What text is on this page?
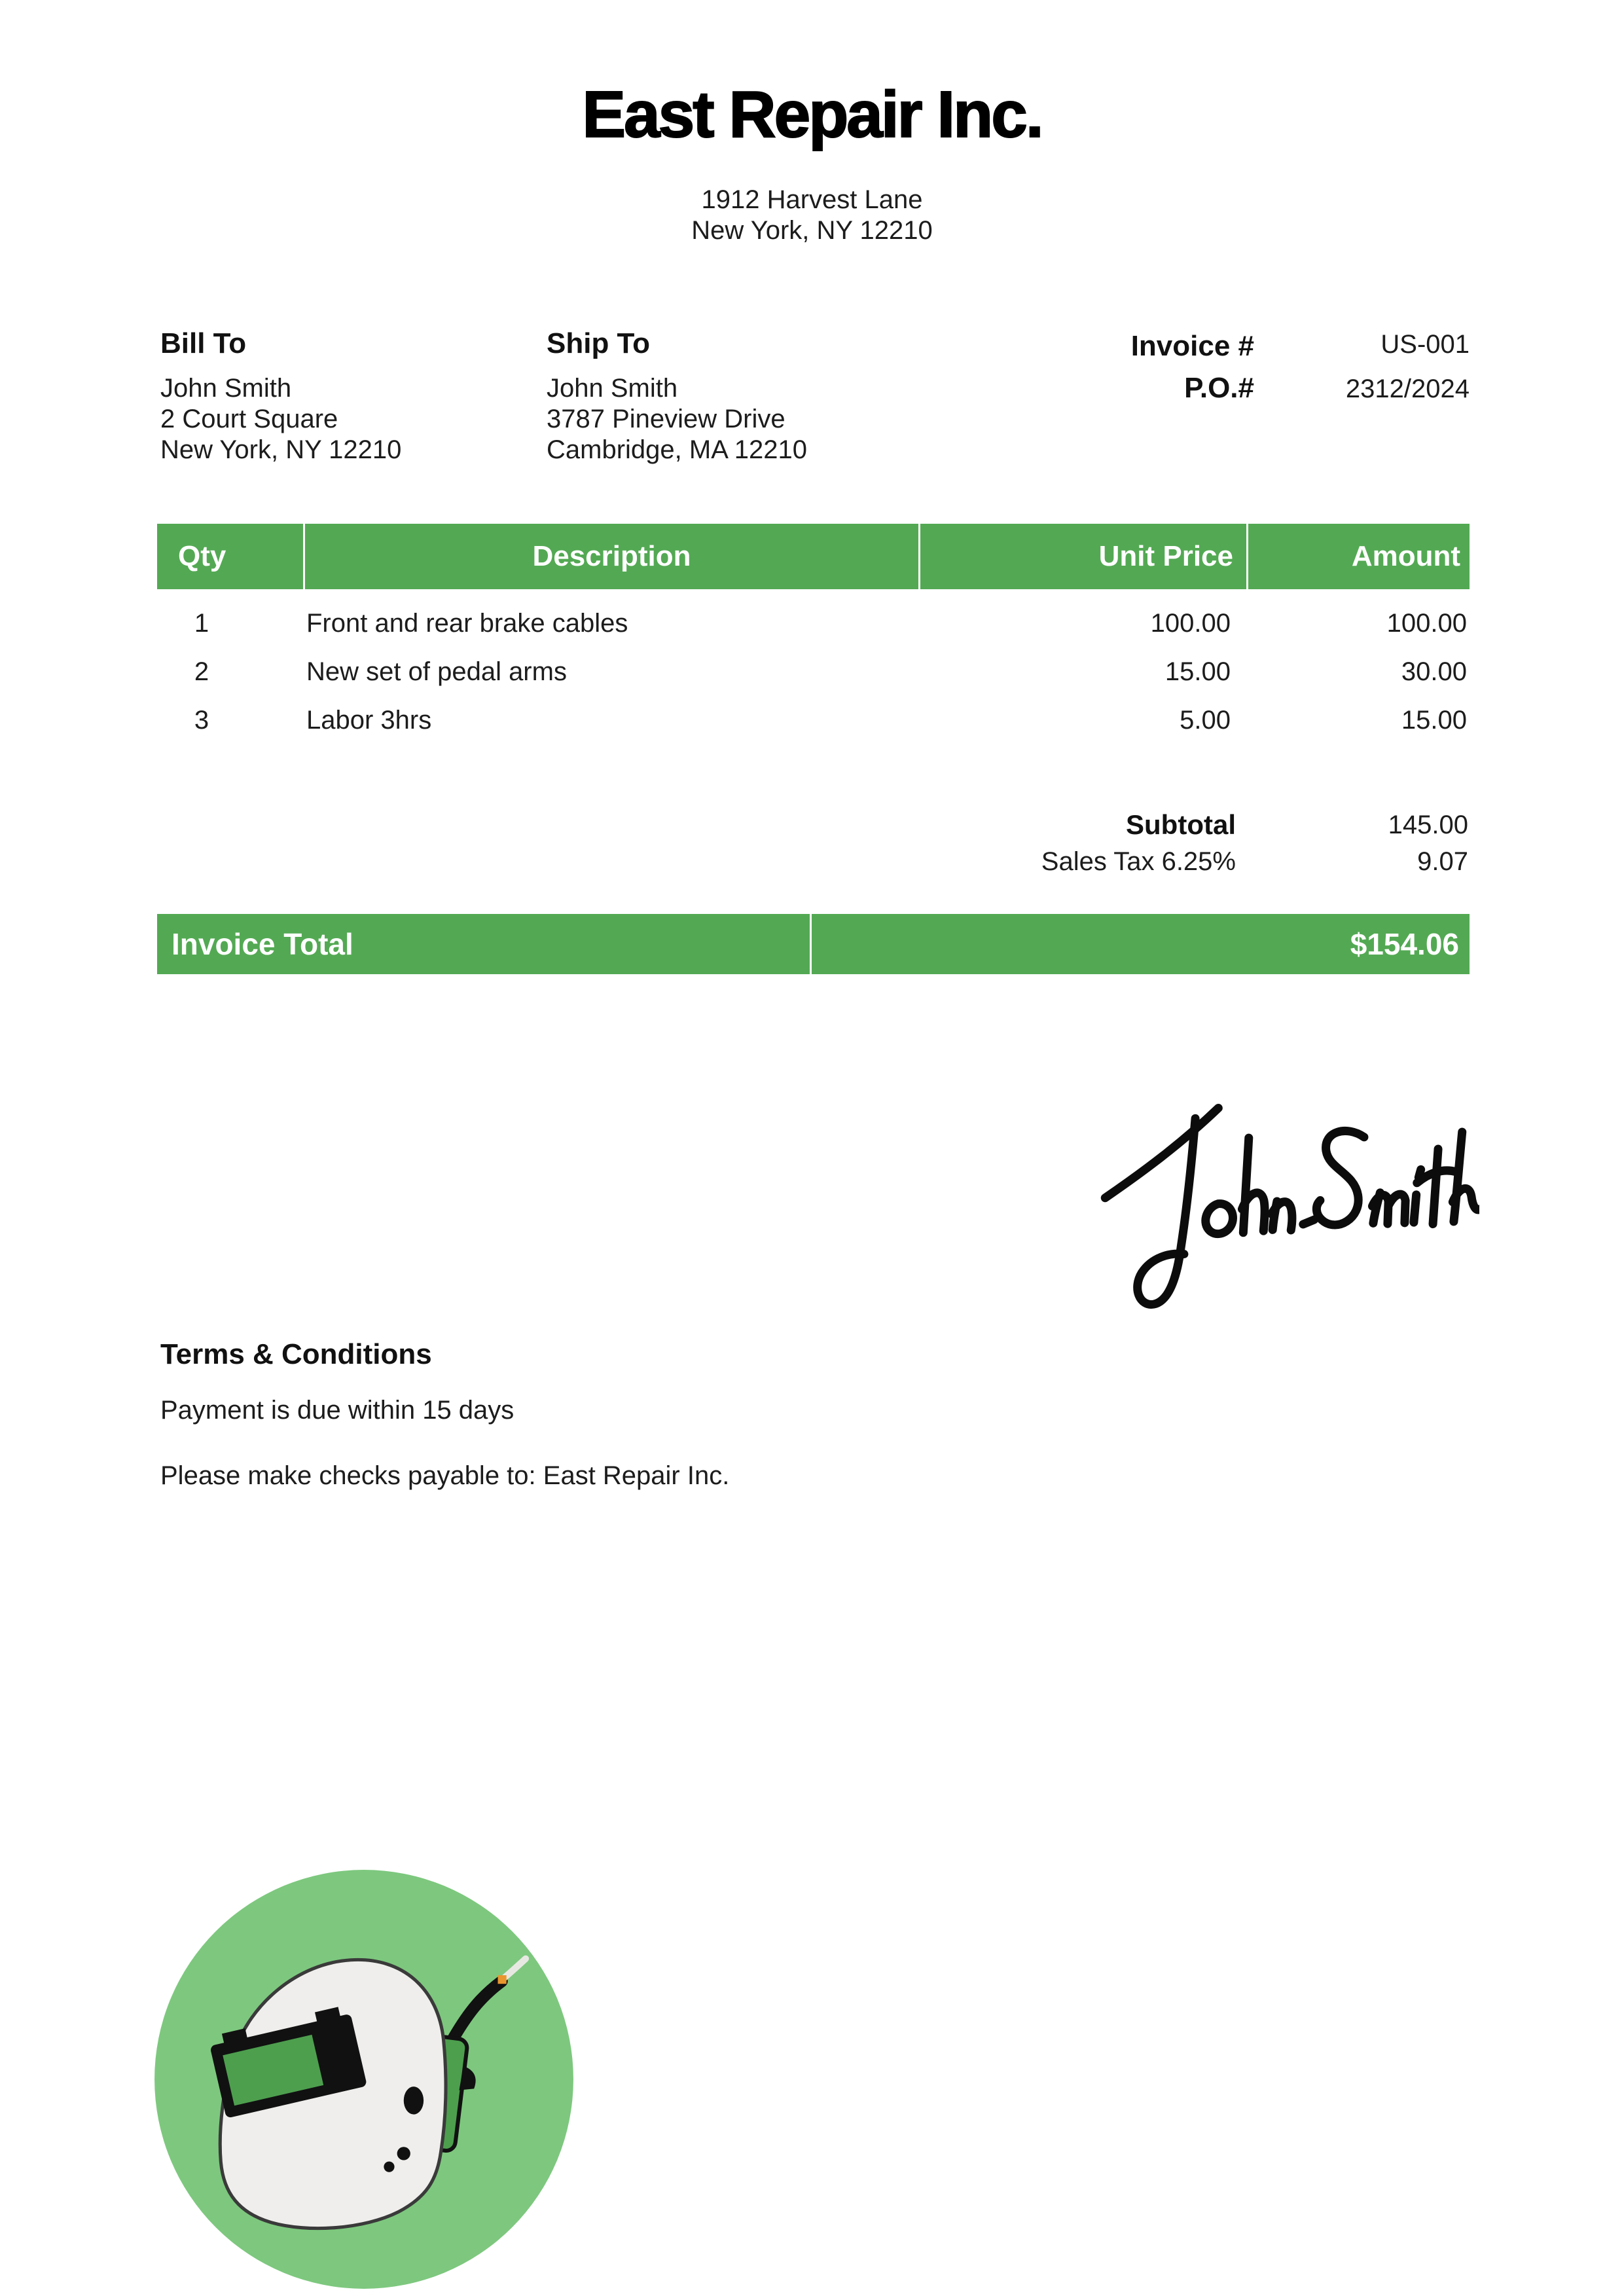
East Repair Inc.
1912 Harvest Lane
New York, NY 12210
Bill To
John Smith
2 Court Square
New York, NY 12210
Ship To
John Smith
3787 Pineview Drive
Cambridge, MA 12210
Invoice #	US-001
P.O.#	2312/2024
Qty	Description	Unit Price	Amount
1	Front and rear brake cables	100.00	100.00
2	New set of pedal arms	15.00	30.00
3	Labor 3hrs	5.00	15.00
Subtotal	145.00
Sales Tax 6.25%	9.07
Invoice Total	$154.06
Terms & Conditions
Payment is due within 15 days
Please make checks payable to: East Repair Inc.
